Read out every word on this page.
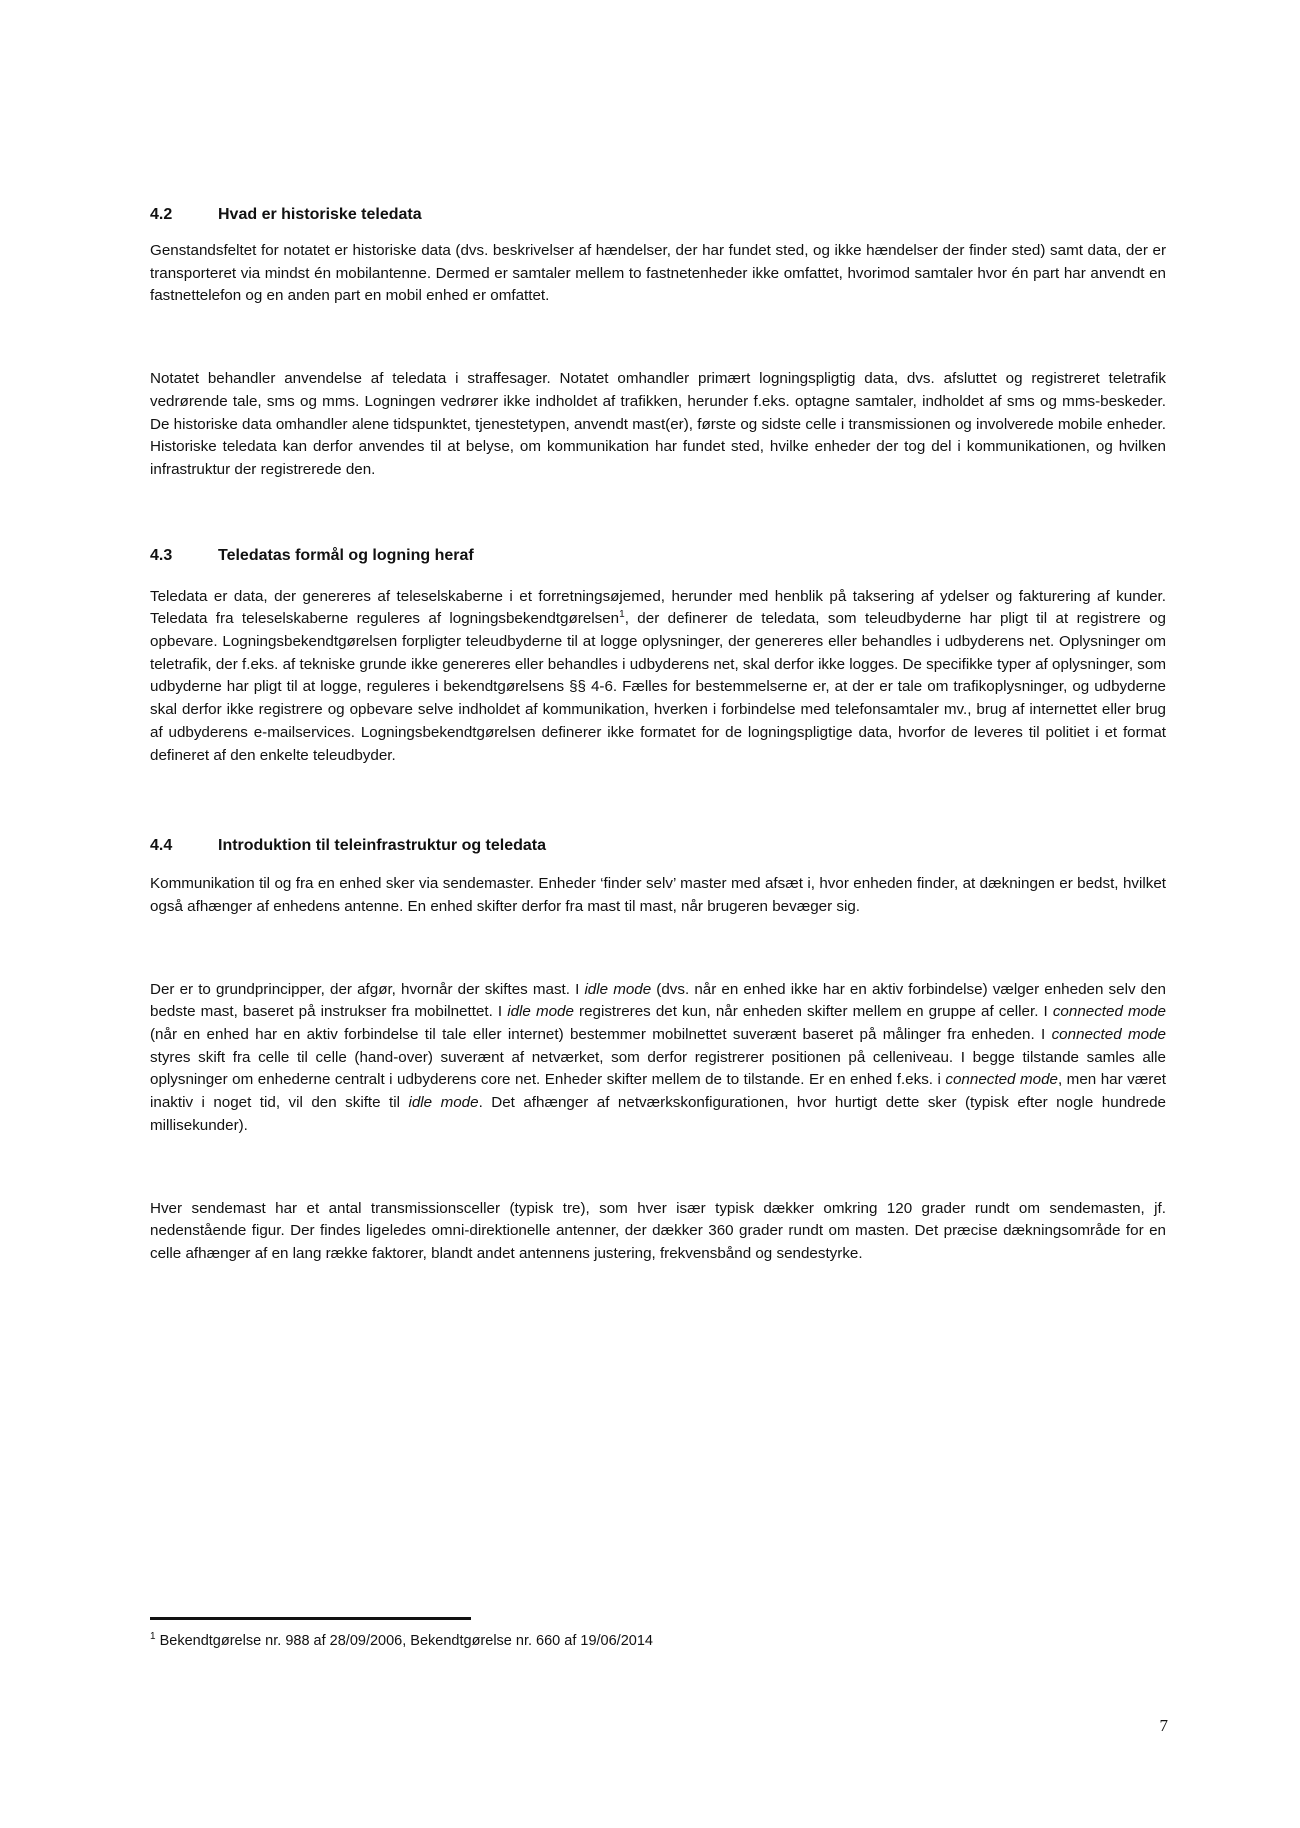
4.2	Hvad er historiske teledata

Genstandsfeltet for notatet er historiske data (dvs. beskrivelser af hændelser, der har fundet sted, og ikke hændelser der finder sted) samt data, der er transporteret via mindst én mobilantenne. Dermed er samtaler mellem to fastnetenheder ikke omfattet, hvorimod samtaler hvor én part har anvendt en fastnettelefon og en anden part en mobil enhed er omfattet.

Notatet behandler anvendelse af teledata i straffesager. Notatet omhandler primært logningspligtig data, dvs. afsluttet og registreret teletrafik vedrørende tale, sms og mms. Logningen vedrører ikke indholdet af trafikken, herunder f.eks. optagne samtaler, indholdet af sms og mms-beskeder. De historiske data omhandler alene tidspunktet, tjenestetypen, anvendt mast(er), første og sidste celle i transmissionen og involverede mobile enheder. Historiske teledata kan derfor anvendes til at belyse, om kommunikation har fundet sted, hvilke enheder der tog del i kommunikationen, og hvilken infrastruktur der registrerede den.

4.3	Teledatas formål og logning heraf

Teledata er data, der genereres af teleselskaberne i et forretningsøjemed, herunder med henblik på taksering af ydelser og fakturering af kunder. Teledata fra teleselskaberne reguleres af logningsbekendtgørelsen$^1$, der definerer de teledata, som teleudbyderne har pligt til at registrere og opbevare. Logningsbekendtgørelsen forpligter teleudbyderne til at logge oplysninger, der genereres eller behandles i udbyderens net. Oplysninger om teletrafik, der f.eks. af tekniske grunde ikke genereres eller behandles i udbyderens net, skal derfor ikke logges. De specifikke typer af oplysninger, som udbyderne har pligt til at logge, reguleres i bekendtgørelsens §§ 4-6. Fælles for bestemmelserne er, at der er tale om trafikoplysninger, og udbyderne skal derfor ikke registrere og opbevare selve indholdet af kommunikation, hverken i forbindelse med telefonsamtaler mv., brug af internettet eller brug af udbyderens e-mailservices. Logningsbekendtgørelsen definerer ikke formatet for de logningspligtige data, hvorfor de leveres til politiet i et format defineret af den enkelte teleudbyder.

4.4	Introduktion til teleinfrastruktur og teledata

Kommunikation til og fra en enhed sker via sendemaster. Enheder ‘finder selv’ master med afsæt i, hvor enheden finder, at dækningen er bedst, hvilket også afhænger af enhedens antenne. En enhed skifter derfor fra mast til mast, når brugeren bevæger sig.

Der er to grundprincipper, der afgør, hvornår der skiftes mast. I idle mode (dvs. når en enhed ikke har en aktiv forbindelse) vælger enheden selv den bedste mast, baseret på instrukser fra mobilnettet. I idle mode registreres det kun, når enheden skifter mellem en gruppe af celler. I connected mode (når en enhed har en aktiv forbindelse til tale eller internet) bestemmer mobilnettet suverænt baseret på målinger fra enheden. I connected mode styres skift fra celle til celle (hand-over) suverænt af netværket, som derfor registrerer positionen på celleniveau. I begge tilstande samles alle oplysninger om enhederne centralt i udbyderens core net. Enheder skifter mellem de to tilstande. Er en enhed f.eks. i connected mode, men har været inaktiv i noget tid, vil den skifte til idle mode. Det afhænger af netværkskonfigurationen, hvor hurtigt dette sker (typisk efter nogle hundrede millisekunder).

Hver sendemast har et antal transmissionsceller (typisk tre), som hver især typisk dækker omkring 120 grader rundt om sendemasten, jf. nedenstående figur. Der findes ligeledes omni-direktionelle antenner, der dækker 360 grader rundt om masten. Det præcise dækningsområde for en celle afhænger af en lang række faktorer, blandt andet antennens justering, frekvensbånd og sendestyrke.

$^1$ Bekendtgørelse nr. 988 af 28/09/2006, Bekendtgørelse nr. 660 af 19/06/2014

7
